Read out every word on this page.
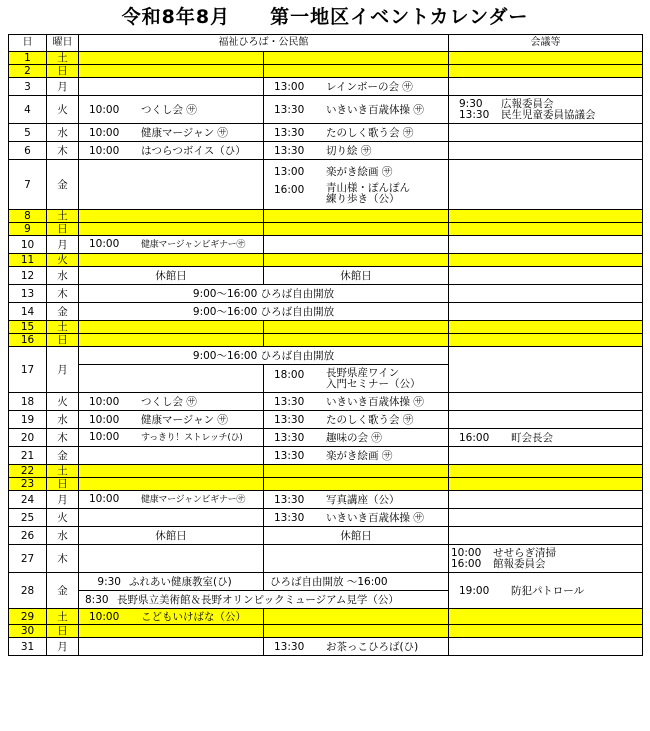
令和8年8月 第一地区イベントカレンダー
日	曜日	福祉ひろば・公民館		会議等
1	土			
2	日			
3	月		13:00 レインボーの会 ㋚	
4	火	10:00 つくし会 ㋚	13:30 いきいき百歳体操 ㋚	9:30 広報委員会
13:30 民生児童委員協議会

5	水	10:00 健康マージャン ㋚	13:30 たのしく歌う会 ㋚	
6	木	10:00 はつらつボイス（ひ）	13:30 切り絵 ㋚	
7	金		13:00 楽がき絵画 ㋚
16:00 青山様・ぽんぽん
練り歩き（公）	

8	土			
9	日			
10	月	10:00 健康マージャンビギナー㋚		
11	火			
12	水	休館日	休館日	
13	木	9:00〜16:00 ひろば自由開放		
14	金	9:00〜16:00 ひろば自由開放		
15	土			
16	日			
17	月	9:00〜16:00 ひろば自由開放		

			18:00 長野県産ワイン
入門セミナー（公）	

18	火	10:00 つくし会 ㋚	13:30 いきいき百歳体操 ㋚	
19	水	10:00 健康マージャン ㋚	13:30 たのしく歌う会 ㋚	
20	木	10:00 すっきり！ストレッチ(ひ)	13:30 趣味の会 ㋚	16:00 町会長会
21	金		13:30 楽がき絵画 ㋚	
22	土			
23	日			
24	月	10:00 健康マージャンビギナー㋚	13:30 写真講座（公）	
25	火		13:30 いきいき百歳体操 ㋚	
26	水	休館日	休館日	
27	木			10:00 せせらぎ清掃
16:00 館報委員会

28	金	9:30 ふれあい健康教室(ひ)	ひろば自由開放 〜16:00	19:00 防犯パトロール
		8:30 長野県立美術館＆長野オリンピックミュージアム見学（公）		
29	土	10:00 こどもいけばな（公）		
30	日			
31	月		13:30 お茶っこひろば(ひ)	
